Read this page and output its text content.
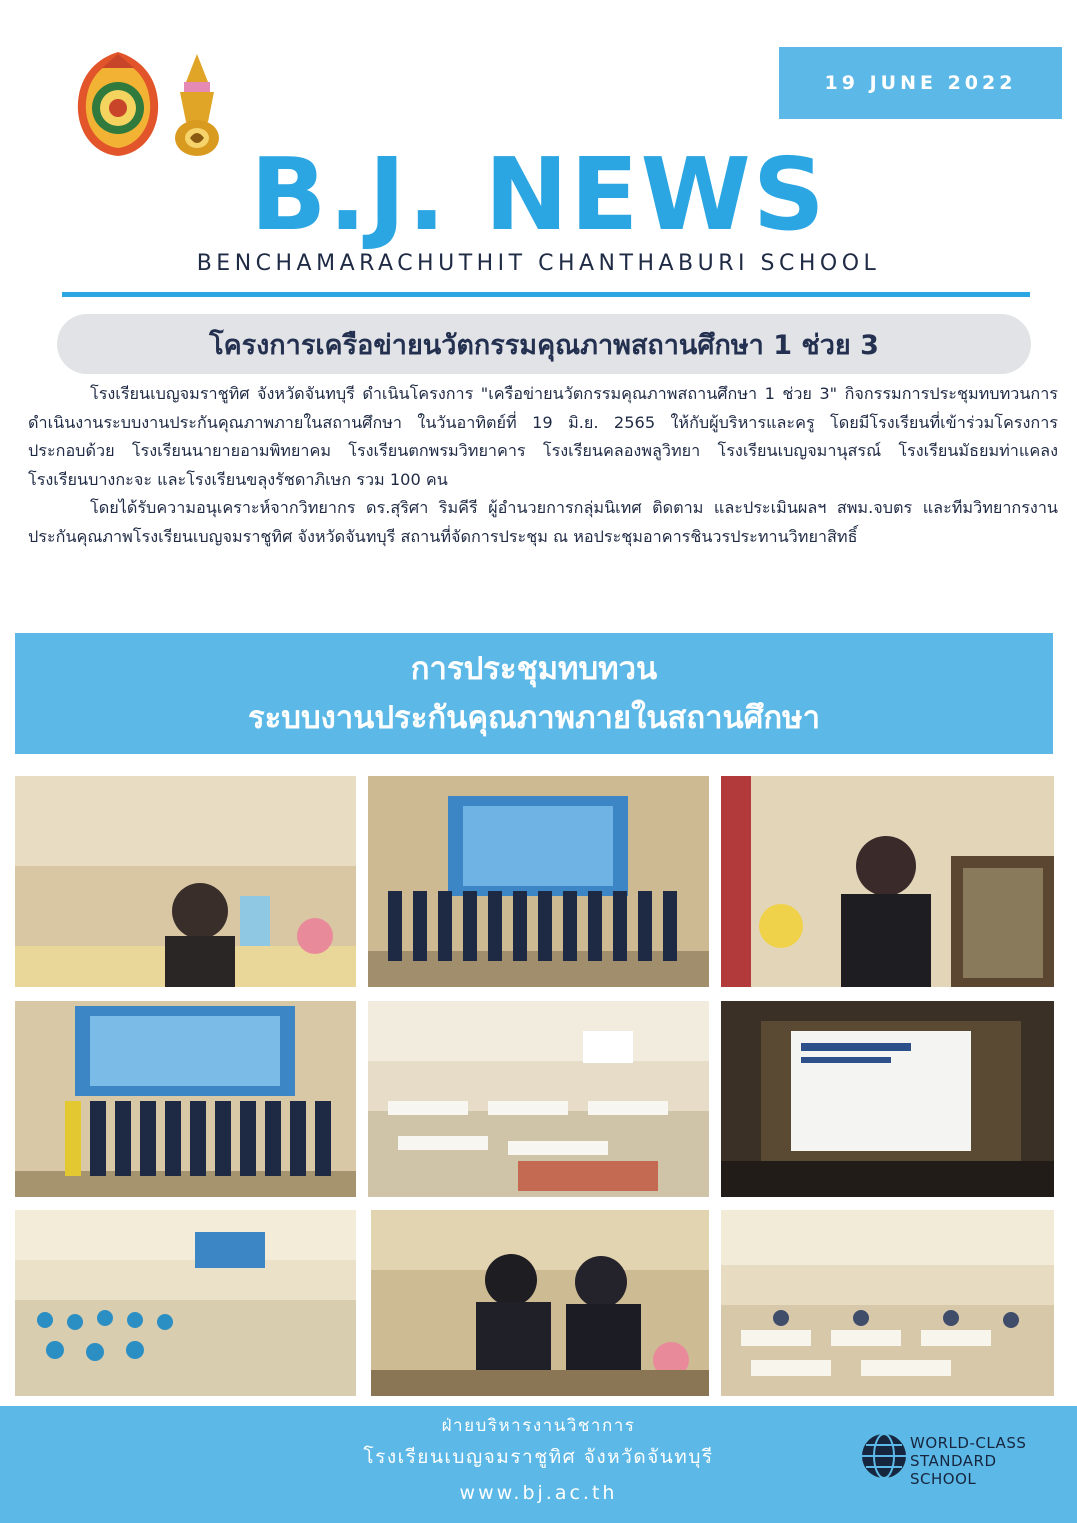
19 JUNE 2022
B.J. NEWS
BENCHAMARACHUTHIT CHANTHABURI SCHOOL
โครงการเครือข่ายนวัตกรรมคุณภาพสถานศึกษา 1 ช่วย 3

โรงเรียนเบญจมราชูทิศ จังหวัดจันทบุรี ดำเนินโครงการ "เครือข่ายนวัตกรรมคุณภาพสถานศึกษา 1 ช่วย 3" กิจกรรมการประชุมทบทวนการดำเนินงานระบบงานประกันคุณภาพภายในสถานศึกษา ในวันอาทิตย์ที่ 19 มิ.ย. 2565 ให้กับผู้บริหารและครู โดยมีโรงเรียนที่เข้าร่วมโครงการ ประกอบด้วย โรงเรียนนายายอามพิทยาคม โรงเรียนตกพรมวิทยาคาร โรงเรียนคลองพลูวิทยา โรงเรียนเบญจมานุสรณ์ โรงเรียนมัธยมท่าแคลง โรงเรียนบางกะจะ และโรงเรียนขลุงรัชดาภิเษก รวม 100 คน

โดยได้รับความอนุเคราะห์จากวิทยากร ดร.สุริศา ริมคีรี ผู้อำนวยการกลุ่มนิเทศ ติดตาม และประเมินผลฯ สพม.จบตร และทีมวิทยากรงานประกันคุณภาพโรงเรียนเบญจมราชูทิศ จังหวัดจันทบุรี สถานที่จัดการประชุม ณ หอประชุมอาคารชินวรประทานวิทยาสิทธิ์

การประชุมทบทวน
ระบบงานประกันคุณภาพภายในสถานศึกษา
ฝ่ายบริหารงานวิชาการ
โรงเรียนเบญจมราชูทิศ จังหวัดจันทบุรี
www.bj.ac.th
WORLD-CLASS
STANDARD SCHOOL
